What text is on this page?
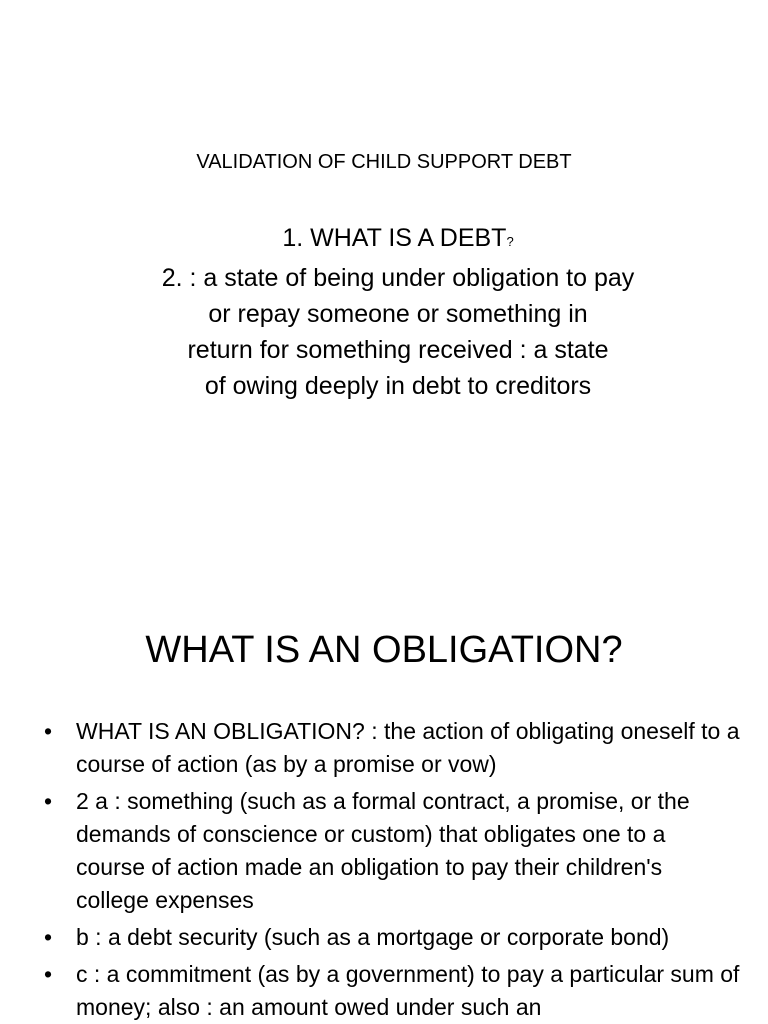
VALIDATION OF CHILD SUPPORT DEBT
1. WHAT IS A DEBT?
2. : a state of being under obligation to pay
or repay someone or something in
return for something received : a state
of owing deeply in debt to creditors
WHAT IS AN OBLIGATION?
• WHAT IS AN OBLIGATION? : the action of obligating oneself to a course of action (as by a promise or vow)
• 2 a : something (such as a formal contract, a promise, or the demands of conscience or custom) that obligates one to a course of action made an obligation to pay their children's college expenses
• b : a debt security (such as a mortgage or corporate bond)
• c : a commitment (as by a government) to pay a particular sum of money; also : an amount owed under such an
